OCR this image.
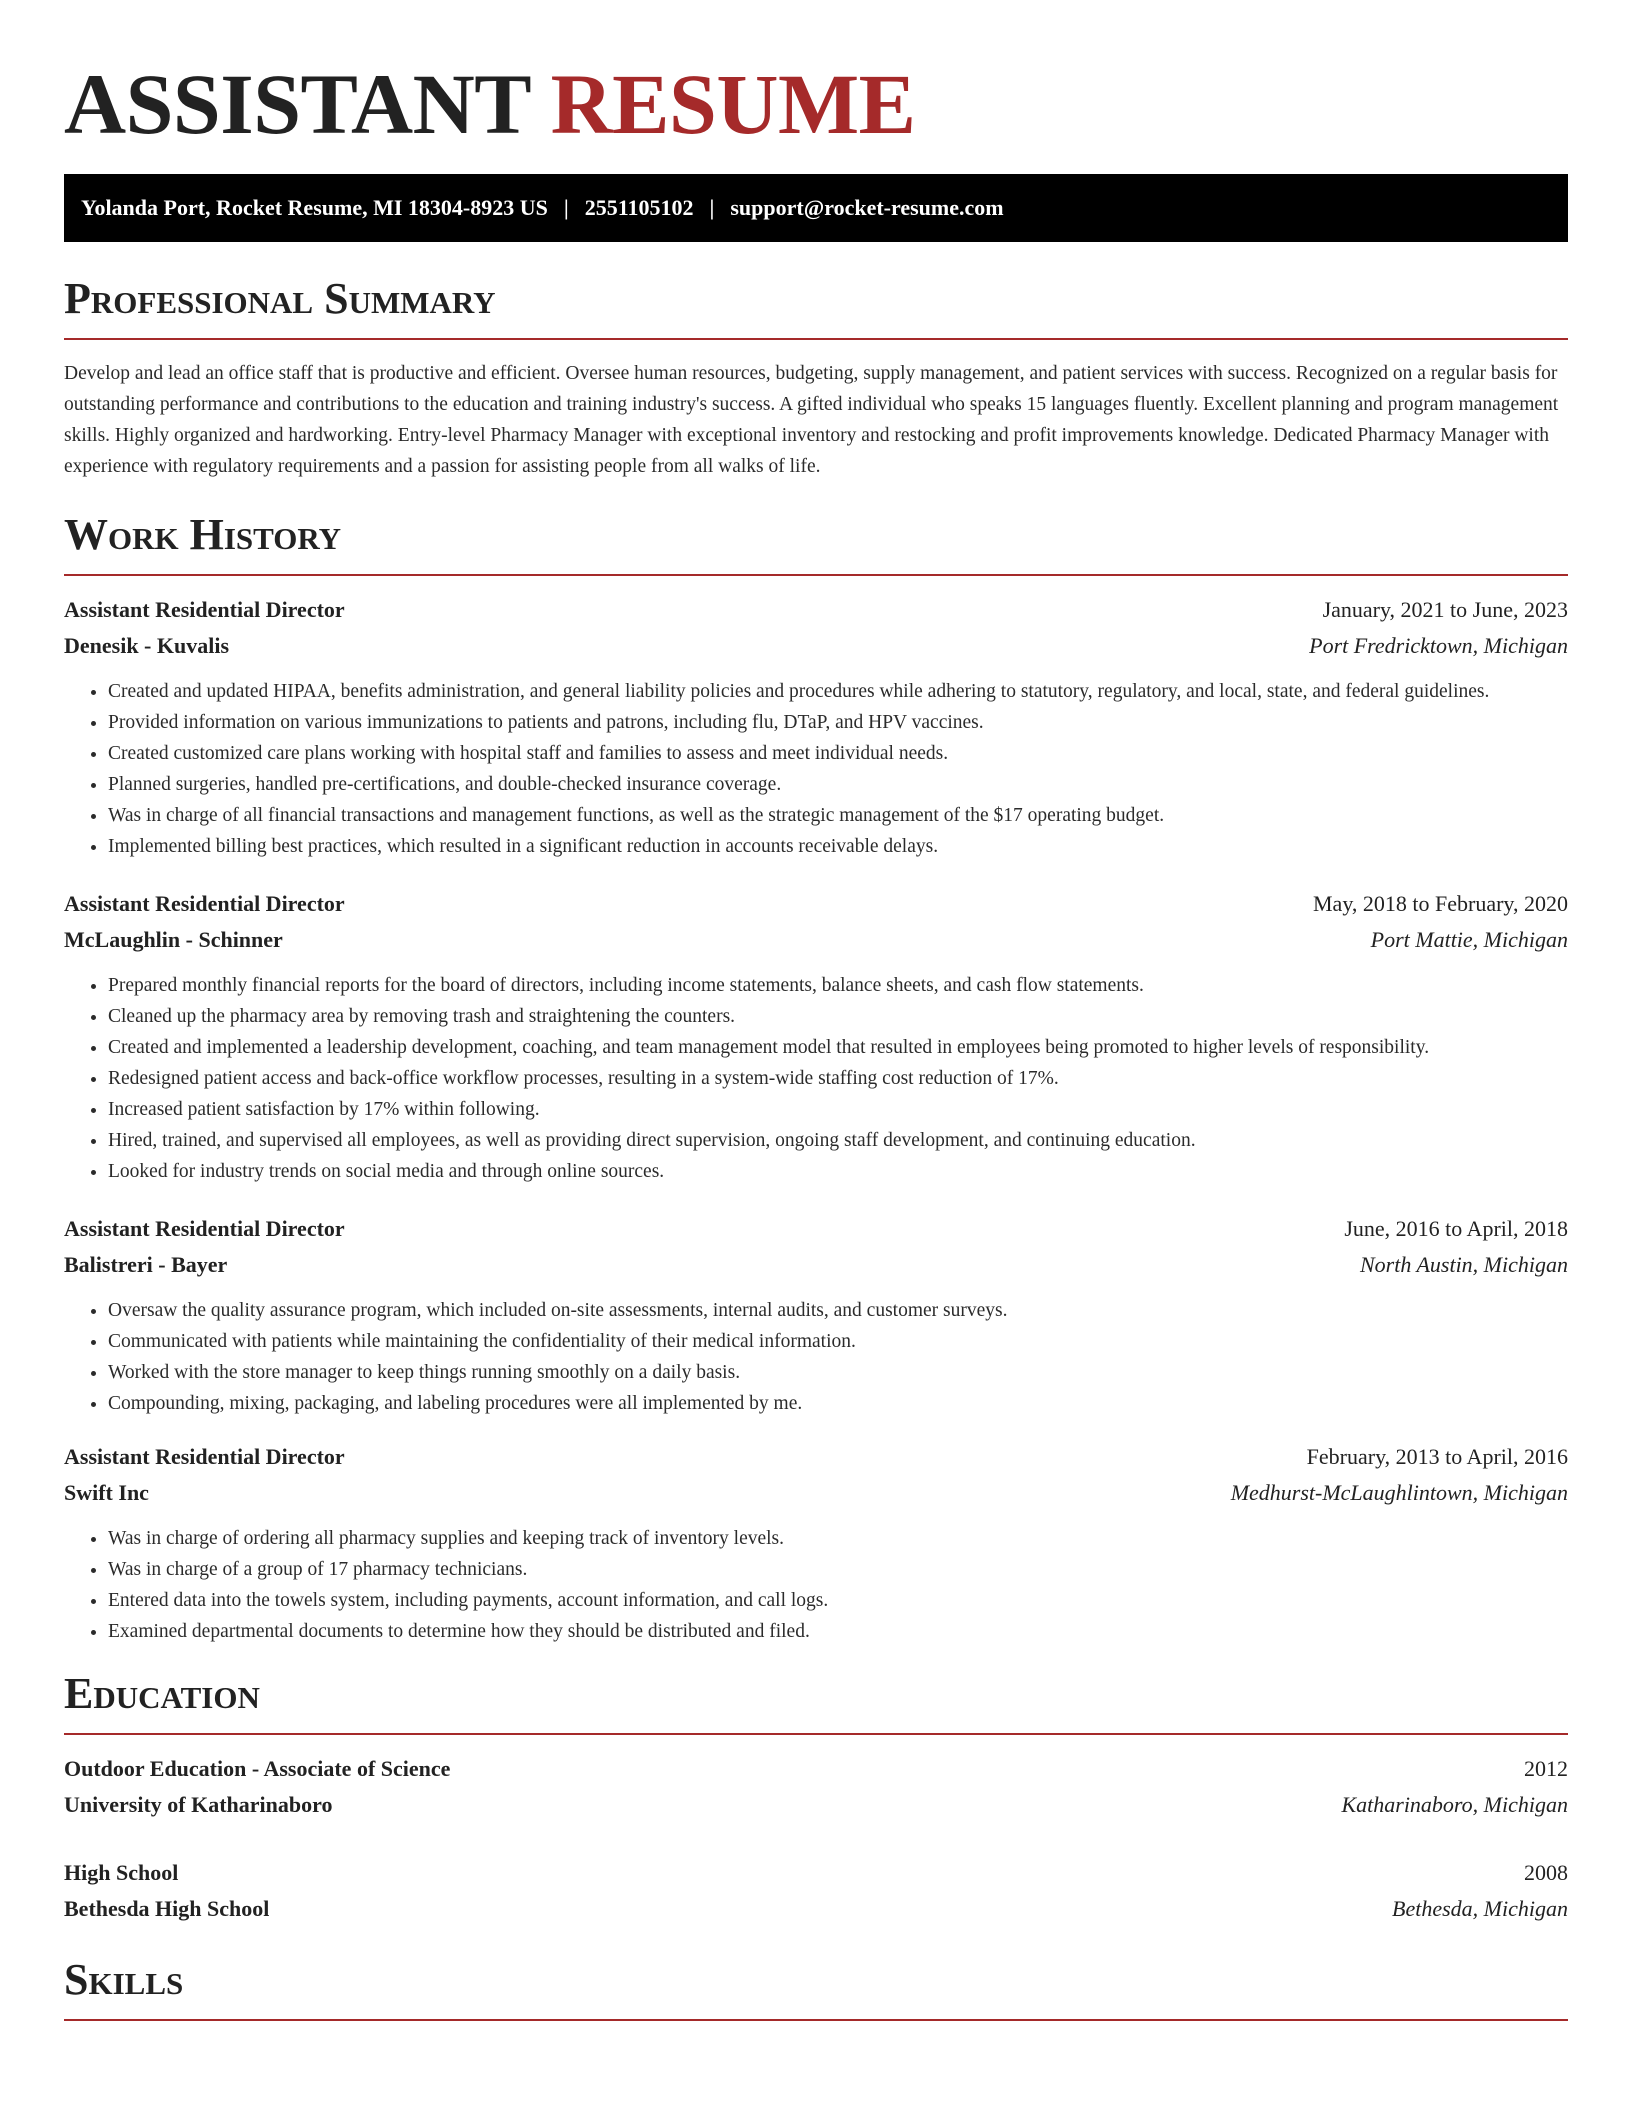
ASSISTANT RESUME
Yolanda Port, Rocket Resume, MI 18304-8923 US | 2551105102 | support@rocket-resume.com
Professional Summary

Develop and lead an office staff that is productive and efficient. Oversee human resources, budgeting, supply management, and patient services with success. Recognized on a regular basis for outstanding performance and contributions to the education and training industry's success. A gifted individual who speaks 15 languages fluently. Excellent planning and program management skills. Highly organized and hardworking. Entry-level Pharmacy Manager with exceptional inventory and restocking and profit improvements knowledge. Dedicated Pharmacy Manager with experience with regulatory requirements and a passion for assisting people from all walks of life.

Work History
Assistant Residential Director	January, 2021 to June, 2023
Denesik - Kuvalis	Port Fredricktown, Michigan
• Created and updated HIPAA, benefits administration, and general liability policies and procedures while adhering to statutory, regulatory, and local, state, and federal guidelines.
• Provided information on various immunizations to patients and patrons, including flu, DTaP, and HPV vaccines.
• Created customized care plans working with hospital staff and families to assess and meet individual needs.
• Planned surgeries, handled pre-certifications, and double-checked insurance coverage.
• Was in charge of all financial transactions and management functions, as well as the strategic management of the $17 operating budget.
• Implemented billing best practices, which resulted in a significant reduction in accounts receivable delays.
Assistant Residential Director	May, 2018 to February, 2020
McLaughlin - Schinner	Port Mattie, Michigan
• Prepared monthly financial reports for the board of directors, including income statements, balance sheets, and cash flow statements.
• Cleaned up the pharmacy area by removing trash and straightening the counters.
• Created and implemented a leadership development, coaching, and team management model that resulted in employees being promoted to higher levels of responsibility.
• Redesigned patient access and back-office workflow processes, resulting in a system-wide staffing cost reduction of 17%.
• Increased patient satisfaction by 17% within following.
• Hired, trained, and supervised all employees, as well as providing direct supervision, ongoing staff development, and continuing education.
• Looked for industry trends on social media and through online sources.
Assistant Residential Director	June, 2016 to April, 2018
Balistreri - Bayer	North Austin, Michigan
• Oversaw the quality assurance program, which included on-site assessments, internal audits, and customer surveys.
• Communicated with patients while maintaining the confidentiality of their medical information.
• Worked with the store manager to keep things running smoothly on a daily basis.
• Compounding, mixing, packaging, and labeling procedures were all implemented by me.
Assistant Residential Director	February, 2013 to April, 2016
Swift Inc	Medhurst-McLaughlintown, Michigan
• Was in charge of ordering all pharmacy supplies and keeping track of inventory levels.
• Was in charge of a group of 17 pharmacy technicians.
• Entered data into the towels system, including payments, account information, and call logs.
• Examined departmental documents to determine how they should be distributed and filed.
Education
Outdoor Education - Associate of Science	2012
University of Katharinaboro	Katharinaboro, Michigan
High School	2008
Bethesda High School	Bethesda, Michigan
Skills
